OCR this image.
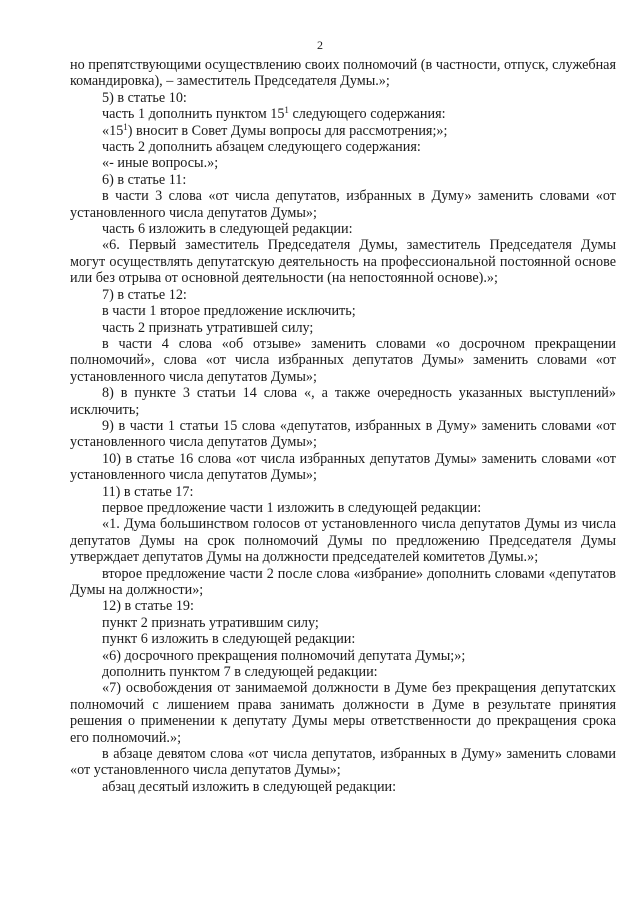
2

но препятствующими осуществлению своих полномочий (в частности, отпуск, служебная командировка), – заместитель Председателя Думы.»;

5) в статье 10:

часть 1 дополнить пунктом $15^1$ следующего содержания:

«$15^1$) вносит в Совет Думы вопросы для рассмотрения;»;

часть 2 дополнить абзацем следующего содержания:

«- иные вопросы.»;

6) в статье 11:

в части 3 слова «от числа депутатов, избранных в Думу» заменить словами «от установленного числа депутатов Думы»;

часть 6 изложить в следующей редакции:

«6. Первый заместитель Председателя Думы, заместитель Председателя Думы могут осуществлять депутатскую деятельность на профессиональной постоянной основе или без отрыва от основной деятельности (на непостоянной основе).»;

7) в статье 12:

в части 1 второе предложение исключить;

часть 2 признать утратившей силу;

в части 4 слова «об отзыве» заменить словами «о досрочном прекращении полномочий», слова «от числа избранных депутатов Думы» заменить словами «от установленного числа депутатов Думы»;

8) в пункте 3 статьи 14 слова «, а также очередность указанных выступлений» исключить;

9) в части 1 статьи 15 слова «депутатов, избранных в Думу» заменить словами «от установленного числа депутатов Думы»;

10) в статье 16 слова «от числа избранных депутатов Думы» заменить словами «от установленного числа депутатов Думы»;

11) в статье 17:

первое предложение части 1 изложить в следующей редакции:

«1. Дума большинством голосов от установленного числа депутатов Думы из числа депутатов Думы на срок полномочий Думы по предложению Председателя Думы утверждает депутатов Думы на должности председателей комитетов Думы.»;

второе предложение части 2 после слова «избрание» дополнить словами «депутатов Думы на должности»;

12) в статье 19:

пункт 2 признать утратившим силу;

пункт 6 изложить в следующей редакции:

«6) досрочного прекращения полномочий депутата Думы;»;

дополнить пунктом 7 в следующей редакции:

«7) освобождения от занимаемой должности в Думе без прекращения депутатских полномочий с лишением права занимать должности в Думе в результате принятия решения о применении к депутату Думы меры ответственности до прекращения срока его полномочий.»;

в абзаце девятом слова «от числа депутатов, избранных в Думу» заменить словами «от установленного числа депутатов Думы»;

абзац десятый изложить в следующей редакции:
